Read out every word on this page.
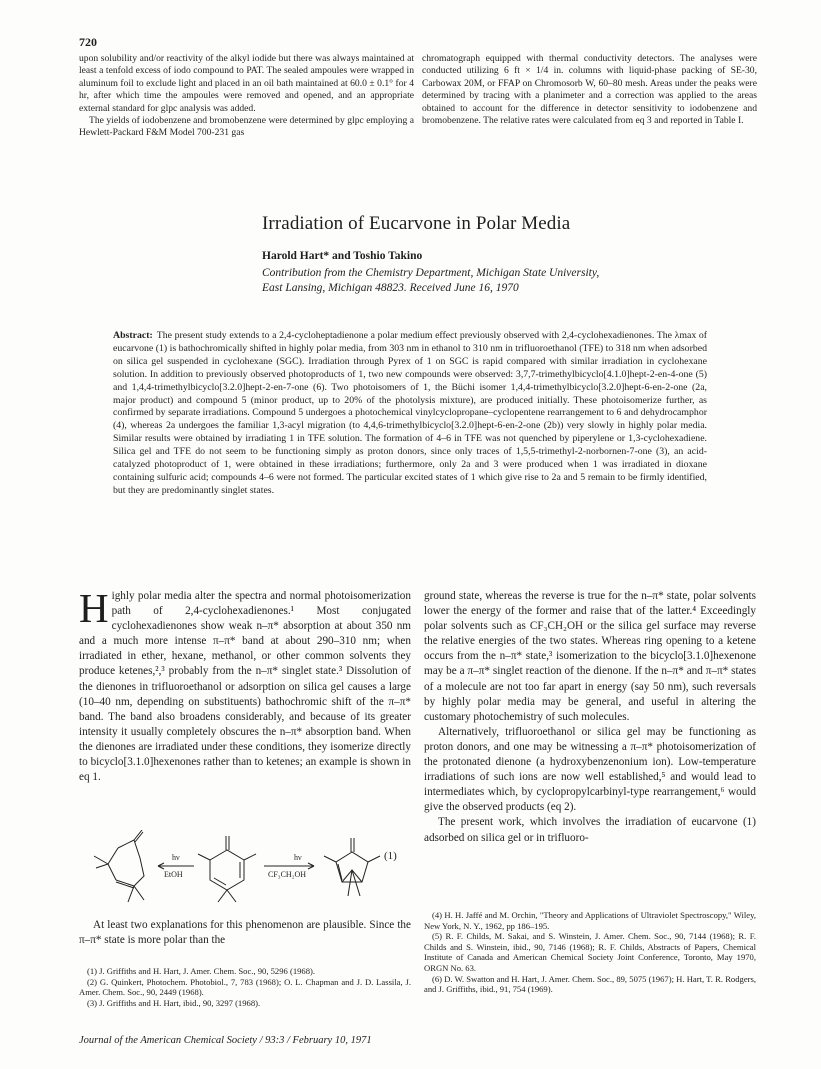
720

upon solubility and/or reactivity of the alkyl iodide but there was always maintained at least a tenfold excess of iodo compound to PAT. The sealed ampoules were wrapped in aluminum foil to exclude light and placed in an oil bath maintained at 60.0 ± 0.1° for 4 hr, after which time the ampoules were removed and opened, and an appropriate external standard for glpc analysis was added.

The yields of iodobenzene and bromobenzene were determined by glpc employing a Hewlett-Packard F&M Model 700-231 gas

chromatograph equipped with thermal conductivity detectors. The analyses were conducted utilizing 6 ft × 1/4 in. columns with liquid-phase packing of SE-30, Carbowax 20M, or FFAP on Chromosorb W, 60–80 mesh. Areas under the peaks were determined by tracing with a planimeter and a correction was applied to the areas obtained to account for the difference in detector sensitivity to iodobenzene and bromobenzene. The relative rates were calculated from eq 3 and reported in Table I.

Irradiation of Eucarvone in Polar Media
Harold Hart* and Toshio Takino
Contribution from the Chemistry Department, Michigan State University,
East Lansing, Michigan 48823. Received June 16, 1970
Abstract: The present study extends to a 2,4-cycloheptadienone a polar medium effect previously observed with 2,4-cyclohexadienones. The λmax of eucarvone (1) is bathochromically shifted in highly polar media, from 303 nm in ethanol to 310 nm in trifluoroethanol (TFE) to 318 nm when adsorbed on silica gel suspended in cyclohexane (SGC). Irradiation through Pyrex of 1 on SGC is rapid compared with similar irradiation in cyclohexane solution. In addition to previously observed photoproducts of 1, two new compounds were observed: 3,7,7-trimethylbicyclo[4.1.0]hept-2-en-4-one (5) and 1,4,4-trimethylbicyclo[3.2.0]hept-2-en-7-one (6). Two photoisomers of 1, the Büchi isomer 1,4,4-trimethylbicyclo[3.2.0]hept-6-en-2-one (2a, major product) and compound 5 (minor product, up to 20% of the photolysis mixture), are produced initially. These photoisomerize further, as confirmed by separate irradiations. Compound 5 undergoes a photochemical vinylcyclopropane–cyclopentene rearrangement to 6 and dehydrocamphor (4), whereas 2a undergoes the familiar 1,3-acyl migration (to 4,4,6-trimethylbicyclo[3.2.0]hept-6-en-2-one (2b)) very slowly in highly polar media. Similar results were obtained by irradiating 1 in TFE solution. The formation of 4–6 in TFE was not quenched by piperylene or 1,3-cyclohexadiene. Silica gel and TFE do not seem to be functioning simply as proton donors, since only traces of 1,5,5-trimethyl-2-norbornen-7-one (3), an acid-catalyzed photoproduct of 1, were obtained in these irradiations; furthermore, only 2a and 3 were produced when 1 was irradiated in dioxane containing sulfuric acid; compounds 4–6 were not formed. The particular excited states of 1 which give rise to 2a and 5 remain to be firmly identified, but they are predominantly singlet states.

Highly polar media alter the spectra and normal photoisomerization path of 2,4-cyclohexadienones.¹ Most conjugated cyclohexadienones show weak n–π* absorption at about 350 nm and a much more intense π–π* band at about 290–310 nm; when irradiated in ether, hexane, methanol, or other common solvents they produce ketenes,²,³ probably from the n–π* singlet state.³ Dissolution of the dienones in trifluoroethanol or adsorption on silica gel causes a large (10–40 nm, depending on substituents) bathochromic shift of the π–π* band. The band also broadens considerably, and because of its greater intensity it usually completely obscures the n–π* absorption band. When the dienones are irradiated under these conditions, they isomerize directly to bicyclo[3.1.0]hexenones rather than to ketenes; an example is shown in eq 1.

hν
EtOH
hν
CF₃CH₂OH
(1)
At least two explanations for this phenomenon are plausible. Since the π–π* state is more polar than the

(1) J. Griffiths and H. Hart, J. Amer. Chem. Soc., 90, 5296 (1968).

(2) G. Quinkert, Photochem. Photobiol., 7, 783 (1968); O. L. Chapman and J. D. Lassila, J. Amer. Chem. Soc., 90, 2449 (1968).

(3) J. Griffiths and H. Hart, ibid., 90, 3297 (1968).

ground state, whereas the reverse is true for the n–π* state, polar solvents lower the energy of the former and raise that of the latter.⁴ Exceedingly polar solvents such as CF₃CH₂OH or the silica gel surface may reverse the relative energies of the two states. Whereas ring opening to a ketene occurs from the n–π* state,³ isomerization to the bicyclo[3.1.0]hexenone may be a π–π* singlet reaction of the dienone. If the n–π* and π–π* states of a molecule are not too far apart in energy (say 50 nm), such reversals by highly polar media may be general, and useful in altering the customary photochemistry of such molecules.

Alternatively, trifluoroethanol or silica gel may be functioning as proton donors, and one may be witnessing a π–π* photoisomerization of the protonated dienone (a hydroxybenzenonium ion). Low-temperature irradiations of such ions are now well established,⁵ and would lead to intermediates which, by cyclopropylcarbinyl-type rearrangement,⁶ would give the observed products (eq 2).

The present work, which involves the irradiation of eucarvone (1) adsorbed on silica gel or in trifluoro-

(4) H. H. Jaffé and M. Orchin, "Theory and Applications of Ultraviolet Spectroscopy," Wiley, New York, N. Y., 1962, pp 186–195.

(5) R. F. Childs, M. Sakai, and S. Winstein, J. Amer. Chem. Soc., 90, 7144 (1968); R. F. Childs and S. Winstein, ibid., 90, 7146 (1968); R. F. Childs, Abstracts of Papers, Chemical Institute of Canada and American Chemical Society Joint Conference, Toronto, May 1970, ORGN No. 63.

(6) D. W. Swatton and H. Hart, J. Amer. Chem. Soc., 89, 5075 (1967); H. Hart, T. R. Rodgers, and J. Griffiths, ibid., 91, 754 (1969).

Journal of the American Chemical Society / 93:3 / February 10, 1971
